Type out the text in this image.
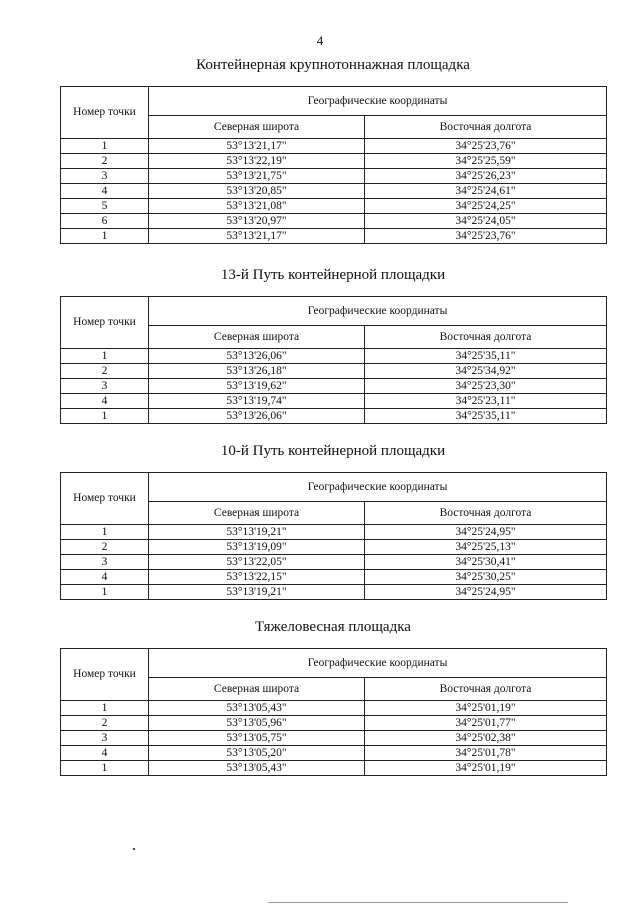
4
Контейнерная крупнотоннажная площадка
Номер точки	Географические координаты	
	Северная широта	Восточная долгота
1	53°13'21,17"	34°25'23,76"
2	53°13'22,19"	34°25'25,59"
3	53°13'21,75"	34°25'26,23"
4	53°13'20,85"	34°25'24,61"
5	53°13'21,08"	34°25'24,25"
6	53°13'20,97"	34°25'24,05"
1	53°13'21,17"	34°25'23,76"
13-й Путь контейнерной площадки
Номер точки	Географические координаты	
	Северная широта	Восточная долгота
1	53°13'26,06"	34°25'35,11"
2	53°13'26,18"	34°25'34,92"
3	53°13'19,62"	34°25'23,30"
4	53°13'19,74"	34°25'23,11"
1	53°13'26,06"	34°25'35,11"
10-й Путь контейнерной площадки
Номер точки	Географические координаты	
	Северная широта	Восточная долгота
1	53°13'19,21"	34°25'24,95"
2	53°13'19,09"	34°25'25,13"
3	53°13'22,05"	34°25'30,41"
4	53°13'22,15"	34°25'30,25"
1	53°13'19,21"	34°25'24,95"
Тяжеловесная площадка
Номер точки	Географические координаты	
	Северная широта	Восточная долгота
1	53°13'05,43"	34°25'01,19"
2	53°13'05,96"	34°25'01,77"
3	53°13'05,75"	34°25'02,38"
4	53°13'05,20"	34°25'01,78"
1	53°13'05,43"	34°25'01,19"
